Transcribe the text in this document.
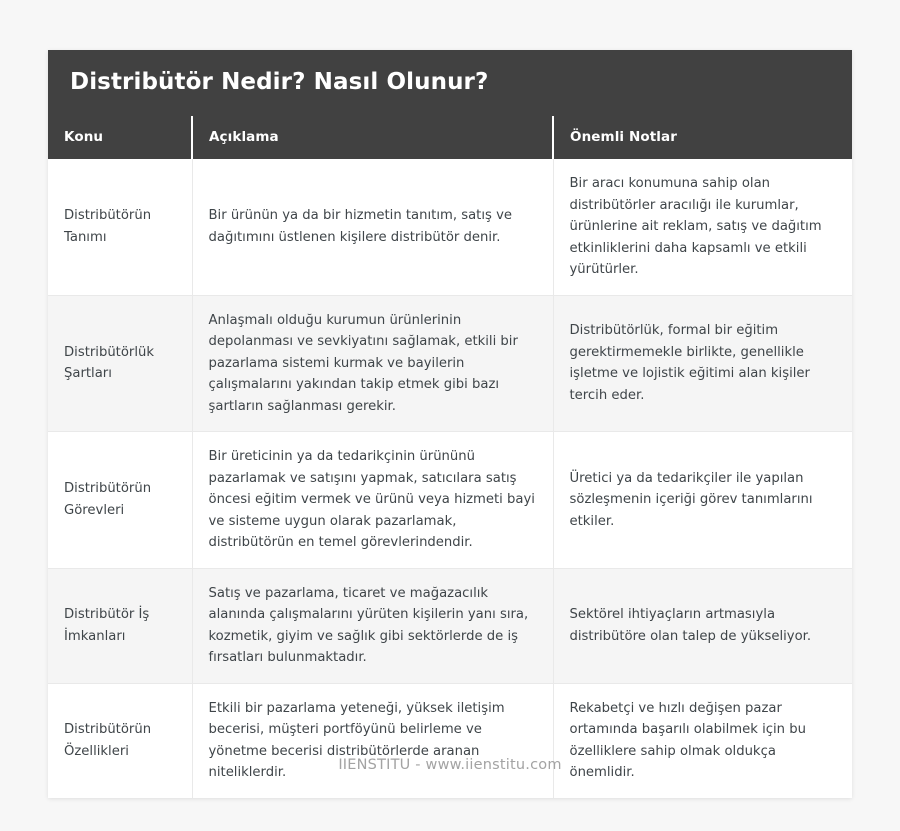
Distribütör Nedir? Nasıl Olunur?
Konu	Açıklama	Önemli Notlar
Distribütörün Tanımı	Bir ürünün ya da bir hizmetin tanıtım, satış ve dağıtımını üstlenen kişilere distribütör denir.	Bir aracı konumuna sahip olan distribütörler aracılığı ile kurumlar, ürünlerine ait reklam, satış ve dağıtım etkinliklerini daha kapsamlı ve etkili yürütürler.
Distribütörlük Şartları	Anlaşmalı olduğu kurumun ürünlerinin depolanması ve sevkiyatını sağlamak, etkili bir pazarlama sistemi kurmak ve bayilerin çalışmalarını yakından takip etmek gibi bazı şartların sağlanması gerekir.	Distribütörlük, formal bir eğitim gerektirmemekle birlikte, genellikle işletme ve lojistik eğitimi alan kişiler tercih eder.
Distribütörün Görevleri	Bir üreticinin ya da tedarikçinin ürününü pazarlamak ve satışını yapmak, satıcılara satış öncesi eğitim vermek ve ürünü veya hizmeti bayi ve sisteme uygun olarak pazarlamak, distribütörün en temel görevlerindendir.	Üretici ya da tedarikçiler ile yapılan sözleşmenin içeriği görev tanımlarını etkiler.
Distribütör İş İmkanları	Satış ve pazarlama, ticaret ve mağazacılık alanında çalışmalarını yürüten kişilerin yanı sıra, kozmetik, giyim ve sağlık gibi sektörlerde de iş fırsatları bulunmaktadır.	Sektörel ihtiyaçların artmasıyla distribütöre olan talep de yükseliyor.
Distribütörün Özellikleri	Etkili bir pazarlama yeteneği, yüksek iletişim becerisi, müşteri portföyünü belirleme ve yönetme becerisi distribütörlerde aranan niteliklerdir.	Rekabetçi ve hızlı değişen pazar ortamında başarılı olabilmek için bu özelliklere sahip olmak oldukça önemlidir.
IIENSTITU - www.iienstitu.com
